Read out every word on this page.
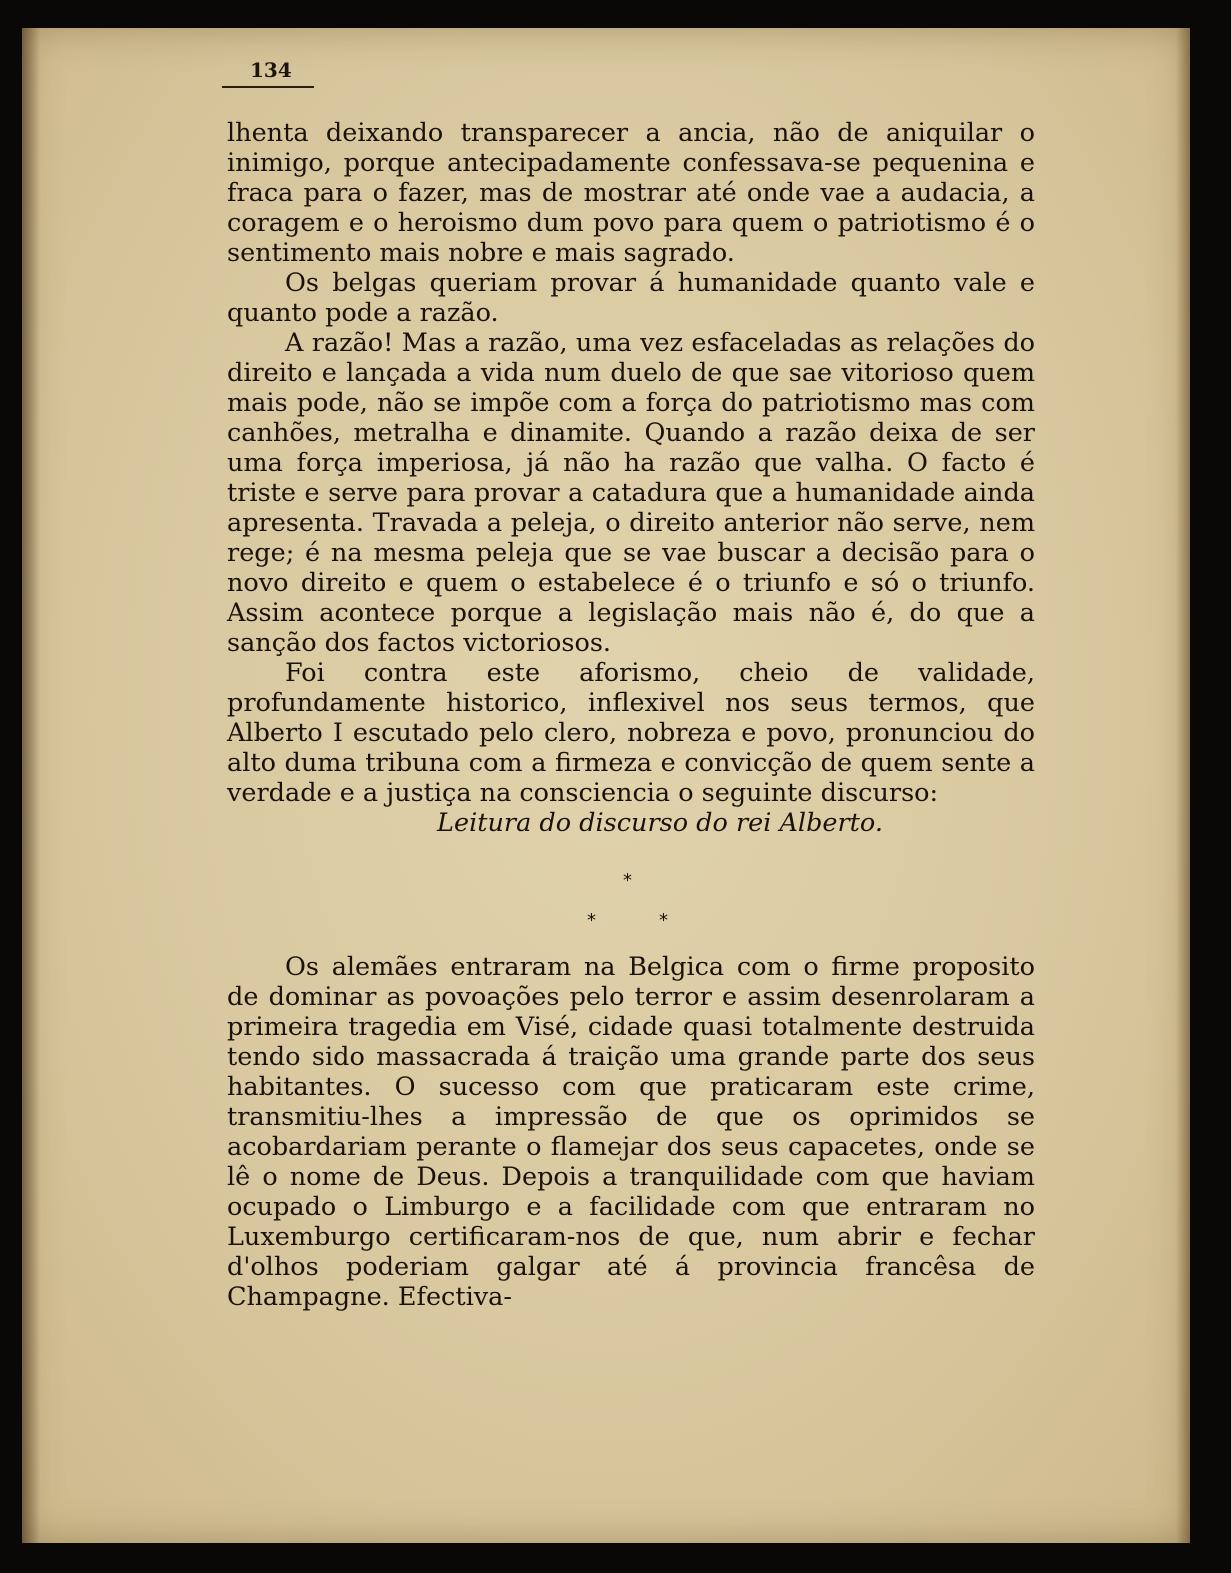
134

lhenta deixando transparecer a ancia, não de aniquilar o inimigo, porque antecipadamente confessava-se pequenina e fraca para o fazer, mas de mostrar até onde vae a audacia, a coragem e o heroismo dum povo para quem o patriotismo é o sentimento mais nobre e mais sagrado.

Os belgas queriam provar á humanidade quanto vale e quanto pode a razão.

A razão! Mas a razão, uma vez esfaceladas as relações do direito e lançada a vida num duelo de que sae vitorioso quem mais pode, não se impõe com a força do patriotismo mas com canhões, metralha e dinamite. Quando a razão deixa de ser uma força imperiosa, já não ha razão que valha. O facto é triste e serve para provar a catadura que a humanidade ainda apresenta. Travada a peleja, o direito anterior não serve, nem rege; é na mesma peleja que se vae buscar a decisão para o novo direito e quem o estabelece é o triunfo e só o triunfo. Assim acontece porque a legislação mais não é, do que a sanção dos factos victoriosos.

Foi contra este aforismo, cheio de validade, profundamente historico, inflexivel nos seus termos, que Alberto I escutado pelo clero, nobreza e povo, pronunciou do alto duma tribuna com a firmeza e convicção de quem sente a verdade e a justiça na consciencia o seguinte discurso:

Leitura do discurso do rei Alberto.

*
*	*

Os alemães entraram na Belgica com o firme proposito de dominar as povoações pelo terror e assim desenrolaram a primeira tragedia em Visé, cidade quasi totalmente destruida tendo sido massacrada á traição uma grande parte dos seus habitantes. O sucesso com que praticaram este crime, transmitiu-lhes a impressão de que os oprimidos se acobardariam perante o flamejar dos seus capacetes, onde se lê o nome de Deus. Depois a tranquilidade com que haviam ocupado o Limburgo e a facilidade com que entraram no Luxemburgo certificaram-nos de que, num abrir e fechar d'olhos poderiam galgar até á provincia francêsa de Champagne. Efectiva-
